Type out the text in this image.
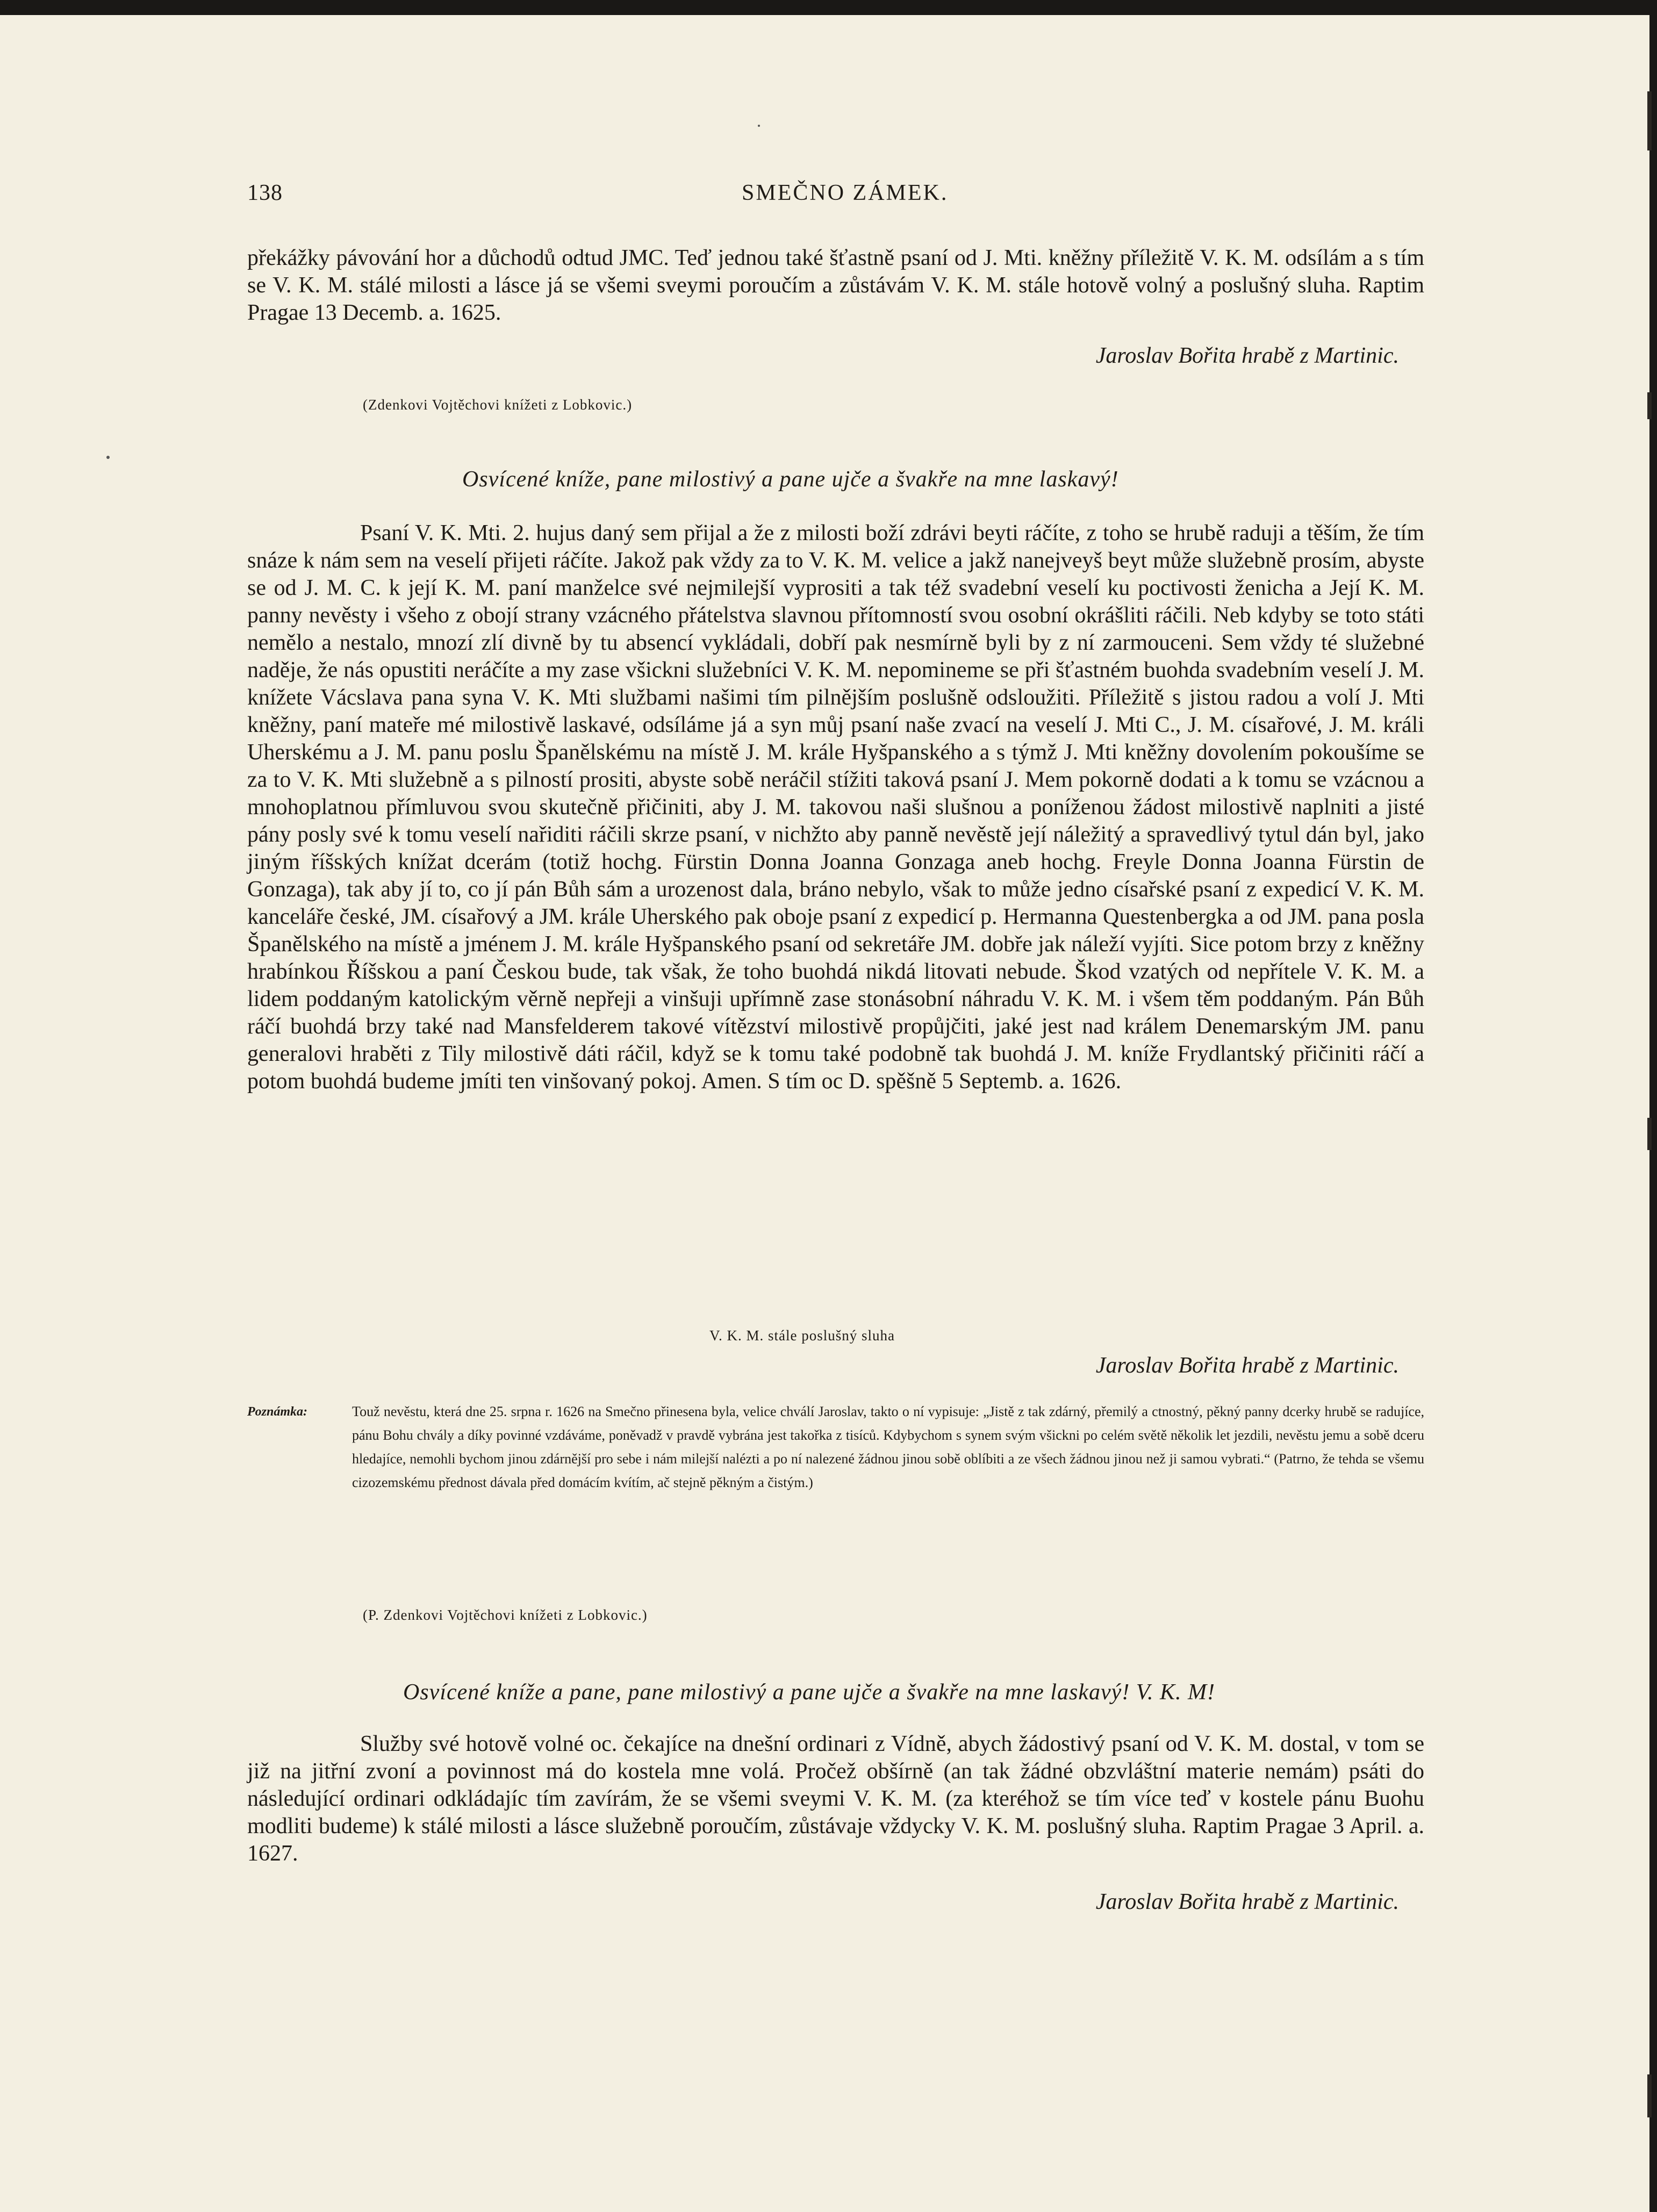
138	SMEČNO ZÁMEK.

překážky pávování hor a důchodů odtud JMC. Teď jednou také šťastně psaní od J. Mti. kněžny příležitě V. K. M. odsílám a s tím se V. K. M. stálé milosti a lásce já se všemi sveymi poroučím a zůstávám V. K. M. stále hotově volný a poslušný sluha. Raptim Pragae 13 Decemb. a. 1625.

Jaroslav Bořita hrabě z Martinic.
(Zdenkovi Vojtěchovi knížeti z Lobkovic.)
Osvícené kníže, pane milostivý a pane ujče a švakře na mne laskavý!

Psaní V. K. Mti. 2. hujus daný sem přijal a že z milosti boží zdrávi beyti ráčíte, z toho se hrubě raduji a těším, že tím snáze k nám sem na veselí přijeti ráčíte. Jakož pak vždy za to V. K. M. velice a jakž nanejveyš beyt může služebně prosím, abyste se od J. M. C. k její K. M. paní manželce své nejmilejší vyprositi a tak též svadební veselí ku poctivosti ženicha a Její K. M. panny nevěsty i všeho z obojí strany vzácného přátelstva slavnou přítomností svou osobní okrášliti ráčili. Neb kdyby se toto státi nemělo a nestalo, mnozí zlí divně by tu absencí vykládali, dobří pak nesmírně byli by z ní zarmouceni. Sem vždy té služebné naděje, že nás opustiti neráčíte a my zase všickni služebníci V. K. M. nepomineme se při šťastném buohda svadebním veselí J. M. knížete Vácslava pana syna V. K. Mti službami našimi tím pilnějším poslušně odsloužiti. Příležitě s jistou radou a volí J. Mti kněžny, paní mateře mé milostivě laskavé, odsíláme já a syn můj psaní naše zvací na veselí J. Mti C., J. M. císařové, J. M. králi Uherskému a J. M. panu poslu Španělskému na místě J. M. krále Hyšpanského a s týmž J. Mti kněžny dovolením pokoušíme se za to V. K. Mti služebně a s pilností prositi, abyste sobě neráčil stížiti taková psaní J. Mem pokorně dodati a k tomu se vzácnou a mnohoplatnou přímluvou svou skutečně přičiniti, aby J. M. takovou naši slušnou a poníženou žádost milostivě naplniti a jisté pány posly své k tomu veselí nařiditi ráčili skrze psaní, v nichžto aby panně nevěstě její náležitý a spravedlivý tytul dán byl, jako jiným říšských knížat dcerám (totiž hochg. Fürstin Donna Joanna Gonzaga aneb hochg. Freyle Donna Joanna Fürstin de Gonzaga), tak aby jí to, co jí pán Bůh sám a urozenost dala, bráno nebylo, však to může jedno císařské psaní z expedicí V. K. M. kanceláře české, JM. císařový a JM. krále Uherského pak oboje psaní z expedicí p. Hermanna Questenbergka a od JM. pana posla Španělského na místě a jménem J. M. krále Hyšpanského psaní od sekretáře JM. dobře jak náleží vyjíti. Sice potom brzy z kněžny hrabínkou Říšskou a paní Českou bude, tak však, že toho buohdá nikdá litovati nebude. Škod vzatých od nepřítele V. K. M. a lidem poddaným katolickým věrně nepřeji a vinšuji upřímně zase stonásobní náhradu V. K. M. i všem těm poddaným. Pán Bůh ráčí buohdá brzy také nad Mansfelderem takové vítězství milostivě propůjčiti, jaké jest nad králem Denemarským JM. panu generalovi hraběti z Tily milostivě dáti ráčil, když se k tomu také podobně tak buohdá J. M. kníže Frydlantský přičiniti ráčí a potom buohdá budeme jmíti ten vinšovaný pokoj. Amen. S tím oc D. spěšně 5 Septemb. a. 1626.

V. K. M. stále poslušný sluha
Jaroslav Bořita hrabě z Martinic.
Poznámka:	Touž nevěstu, která dne 25. srpna r. 1626 na Smečno přinesena byla, velice chválí Jaroslav, takto o ní vypisuje: „Jistě z tak zdárný, přemilý a ctnostný, pěkný panny dcerky hrubě se radujíce, pánu Bohu chvály a díky povinné vzdáváme, poněvadž v pravdě vybrána jest takořka z tisíců. Kdybychom s synem svým všickni po celém světě několik let jezdili, nevěstu jemu a sobě dceru hledajíce, nemohli bychom jinou zdárnější pro sebe i nám milejší nalézti a po ní nalezené žádnou jinou sobě oblíbiti a ze všech žádnou jinou než ji samou vybrati.“ (Patrno, že tehda se všemu cizozemskému přednost dávala před domácím kvítím, ač stejně pěkným a čistým.)
(P. Zdenkovi Vojtěchovi knížeti z Lobkovic.)
Osvícené kníže a pane, pane milostivý a pane ujče a švakře na mne laskavý! V. K. M!

Služby své hotově volné oc. čekajíce na dnešní ordinari z Vídně, abych žádostivý psaní od V. K. M. dostal, v tom se již na jitřní zvoní a povinnost má do kostela mne volá. Pročež obšírně (an tak žádné obzvláštní materie nemám) psáti do následující ordinari odkládajíc tím zavírám, že se všemi sveymi V. K. M. (za kteréhož se tím více teď v kostele pánu Buohu modliti budeme) k stálé milosti a lásce služebně poroučím, zůstávaje vždycky V. K. M. poslušný sluha. Raptim Pragae 3 April. a. 1627.

Jaroslav Bořita hrabě z Martinic.
